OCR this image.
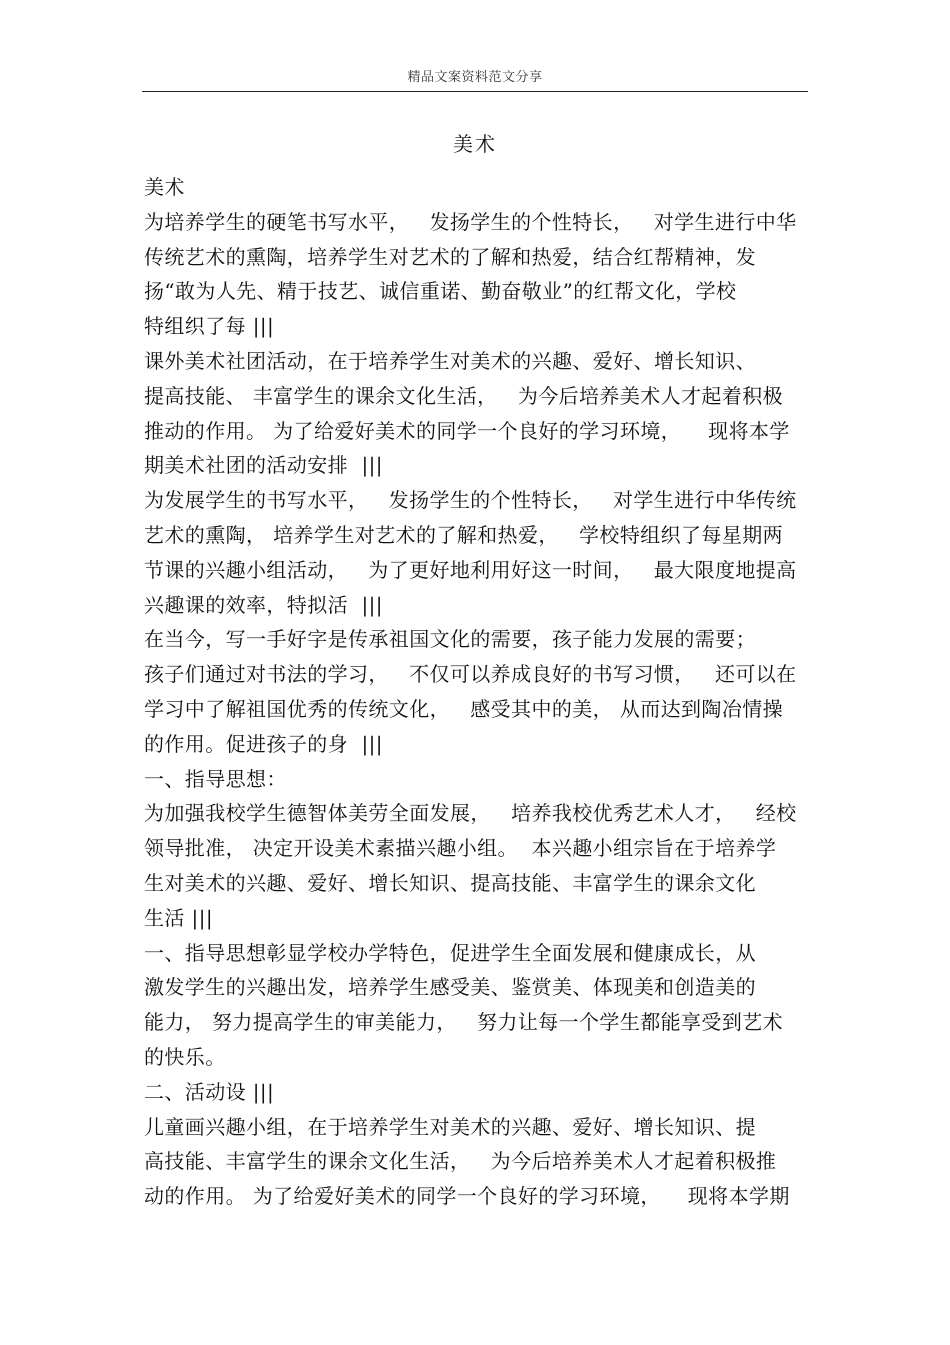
精品文案资料范文分享
美术
美术
为培养学生的硬笔书写水平，   发扬学生的个性特长，   对学生进行中华
传统艺术的熏陶，培养学生对艺术的了解和热爱，结合红帮精神，发
扬“敢为人先、精于技艺、诚信重诺、勤奋敬业”的红帮文化，学校
特组织了每 |||
课外美术社团活动，在于培养学生对美术的兴趣、爱好、增长知识、
提高技能、 丰富学生的课余文化生活，   为今后培养美术人才起着积极
推动的作用。 为了给爱好美术的同学一个良好的学习环境，    现将本学
期美术社团的活动安排  |||
为发展学生的书写水平，   发扬学生的个性特长，   对学生进行中华传统
艺术的熏陶， 培养学生对艺术的了解和热爱，   学校特组织了每星期两
节课的兴趣小组活动，   为了更好地利用好这一时间，   最大限度地提高
兴趣课的效率，特拟活  |||
在当今，写一手好字是传承祖国文化的需要，孩子能力发展的需要；
孩子们通过对书法的学习，   不仅可以养成良好的书写习惯，   还可以在
学习中了解祖国优秀的传统文化，   感受其中的美， 从而达到陶冶情操
的作用。促进孩子的身  |||
一、指导思想：
为加强我校学生德智体美劳全面发展，   培养我校优秀艺术人才，   经校
领导批准， 决定开设美术素描兴趣小组。  本兴趣小组宗旨在于培养学
生对美术的兴趣、爱好、增长知识、提高技能、丰富学生的课余文化
生活 |||
一、指导思想彰显学校办学特色，促进学生全面发展和健康成长，从
激发学生的兴趣出发，培养学生感受美、鉴赏美、体现美和创造美的
能力， 努力提高学生的审美能力，   努力让每一个学生都能享受到艺术
的快乐。
二、活动设 |||
儿童画兴趣小组，在于培养学生对美术的兴趣、爱好、增长知识、提
高技能、丰富学生的课余文化生活，   为今后培养美术人才起着积极推
动的作用。 为了给爱好美术的同学一个良好的学习环境，    现将本学期
